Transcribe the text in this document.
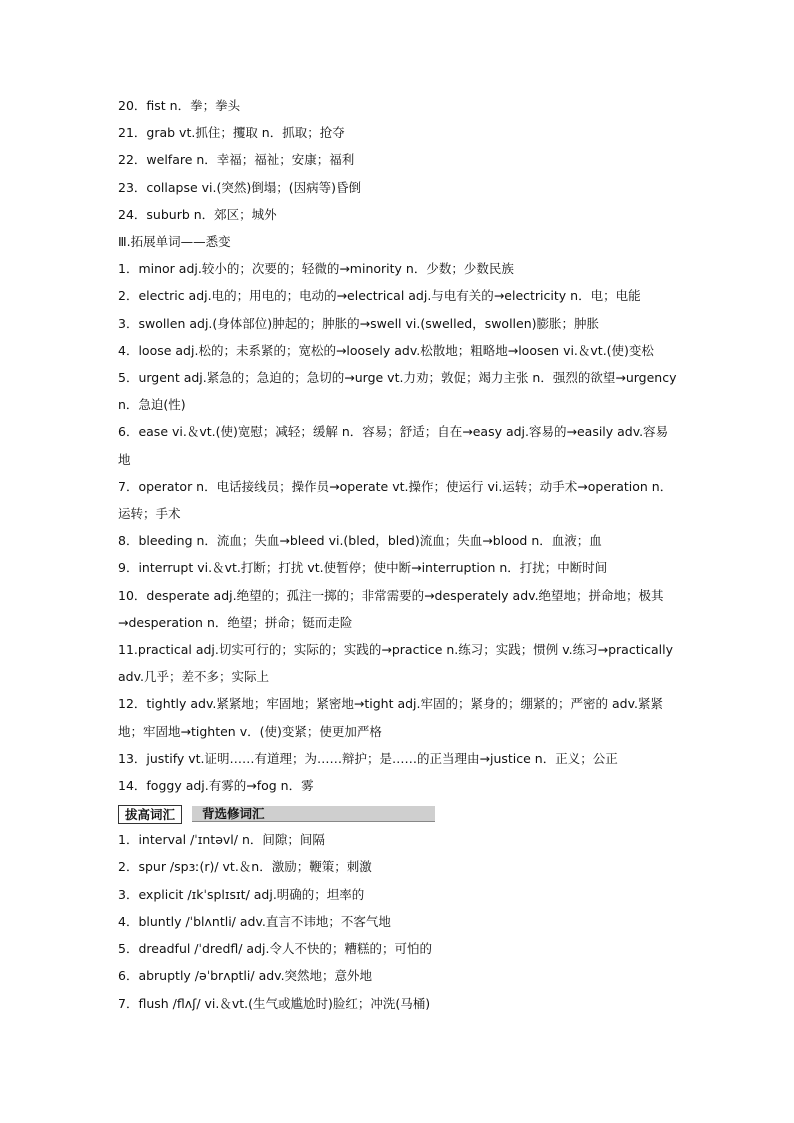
20．fist n．拳；拳头
21．grab vt.抓住；攫取 n．抓取；抢夺
22．welfare n．幸福；福祉；安康；福利
23．collapse vi.(突然)倒塌；(因病等)昏倒
24．suburb n．郊区；城外
Ⅲ.拓展单词——悉变
1．minor adj.较小的；次要的；轻微的→minority n．少数；少数民族
2．electric adj.电的；用电的；电动的→electrical adj.与电有关的→electricity n．电；电能
3．swollen adj.(身体部位)肿起的；肿胀的→swell vi.(swelled，swollen)膨胀；肿胀
4．loose adj.松的；未系紧的；宽松的→loosely adv.松散地；粗略地→loosen vi.＆vt.(使)变松
5．urgent adj.紧急的；急迫的；急切的→urge vt.力劝；敦促；竭力主张 n．强烈的欲望→urgency n．急迫(性)
6．ease vi.＆vt.(使)宽慰；减轻；缓解 n．容易；舒适；自在→easy adj.容易的→easily adv.容易地
7．operator n．电话接线员；操作员→operate vt.操作；使运行 vi.运转；动手术→operation n．运转；手术
8．bleeding n．流血；失血→bleed vi.(bled，bled)流血；失血→blood n．血液；血
9．interrupt vi.＆vt.打断；打扰 vt.使暂停；使中断→interruption n．打扰；中断时间
10．desperate adj.绝望的；孤注一掷的；非常需要的→desperately adv.绝望地；拼命地；极其→desperation n．绝望；拼命；铤而走险
11.practical adj.切实可行的；实际的；实践的→practice n.练习；实践；惯例 v.练习→practically adv.几乎；差不多；实际上
12．tightly adv.紧紧地；牢固地；紧密地→tight adj.牢固的；紧身的；绷紧的；严密的 adv.紧紧地；牢固地→tighten v．(使)变紧；使更加严格
13．justify vt.证明……有道理；为……辩护；是……的正当理由→justice n．正义；公正
14．foggy adj.有雾的→fog n．雾
背选修词汇
拔高词汇
1．interval /ˈɪntəvl/ n．间隙；间隔
2．spur /spɜː(r)/ vt.＆n．激励；鞭策；刺激
3．explicit /ɪkˈsplɪsɪt/ adj.明确的；坦率的
4．bluntly /ˈblʌntli/ adv.直言不讳地；不客气地
5．dreadful /ˈdredfl/ adj.令人不快的；糟糕的；可怕的
6．abruptly /əˈbrʌptli/ adv.突然地；意外地
7．flush /flʌʃ/ vi.＆vt.(生气或尴尬时)脸红；冲洗(马桶)
